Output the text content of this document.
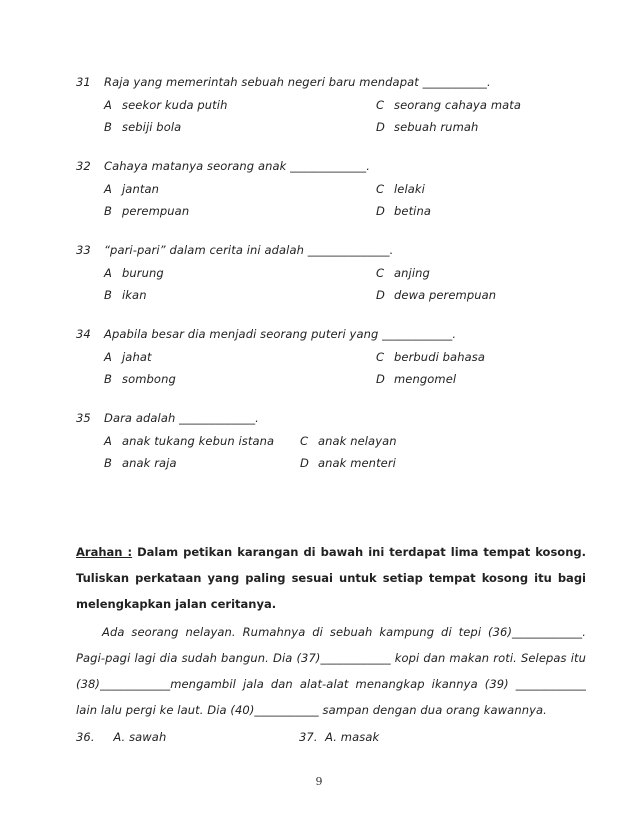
31 Raja yang memerintah sebuah negeri baru mendapat ___________.
A seekor kuda putih	C seorang cahaya mata
B sebiji bola	D sebuah rumah
32 Cahaya matanya seorang anak _____________.
A jantan	C lelaki
B perempuan	D betina
33 “pari-pari” dalam cerita ini adalah ______________.
A burung	C anjing
B ikan	D dewa perempuan
34 Apabila besar dia menjadi seorang puteri yang ____________.
A jahat	C berbudi bahasa
B sombong	D mengomel
35 Dara adalah _____________.
A anak tukang kebun istana C anak nelayan
B anak raja	D anak menteri
Arahan : Dalam petikan karangan di bawah ini terdapat lima tempat kosong. Tuliskan perkataan yang paling sesuai untuk setiap tempat kosong itu bagi melengkapkan jalan ceritanya.
Ada seorang nelayan. Rumahnya di sebuah kampung di tepi (36)____________. Pagi-pagi lagi dia sudah bangun. Dia (37)____________ kopi dan makan roti. Selepas itu (38)____________mengambil jala dan alat-alat menangkap ikannya (39) ____________ lain lalu pergi ke laut. Dia (40)___________ sampan dengan dua orang kawannya.
36. A. sawah	37. A. masak
9
